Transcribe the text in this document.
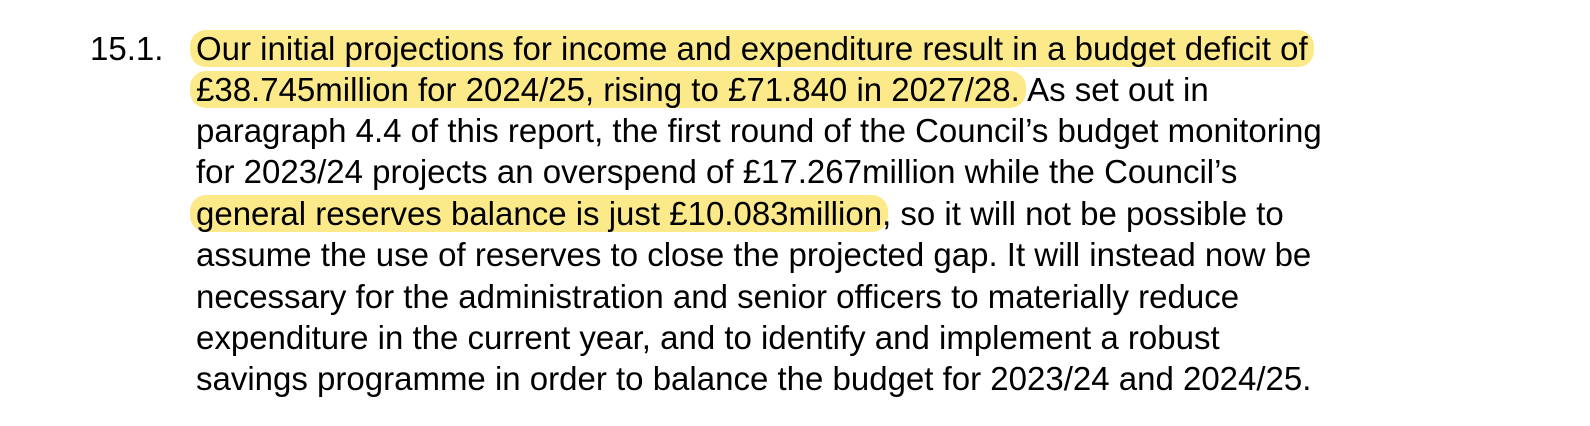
15.1. Our initial projections for income and expenditure result in a budget deficit of
£38.745million for 2024/25, rising to £71.840 in 2027/28. As set out in
paragraph 4.4 of this report, the first round of the Council’s budget monitoring
for 2023/24 projects an overspend of £17.267million while the Council’s
general reserves balance is just £10.083million, so it will not be possible to
assume the use of reserves to close the projected gap. It will instead now be
necessary for the administration and senior officers to materially reduce
expenditure in the current year, and to identify and implement a robust
savings programme in order to balance the budget for 2023/24 and 2024/25.
